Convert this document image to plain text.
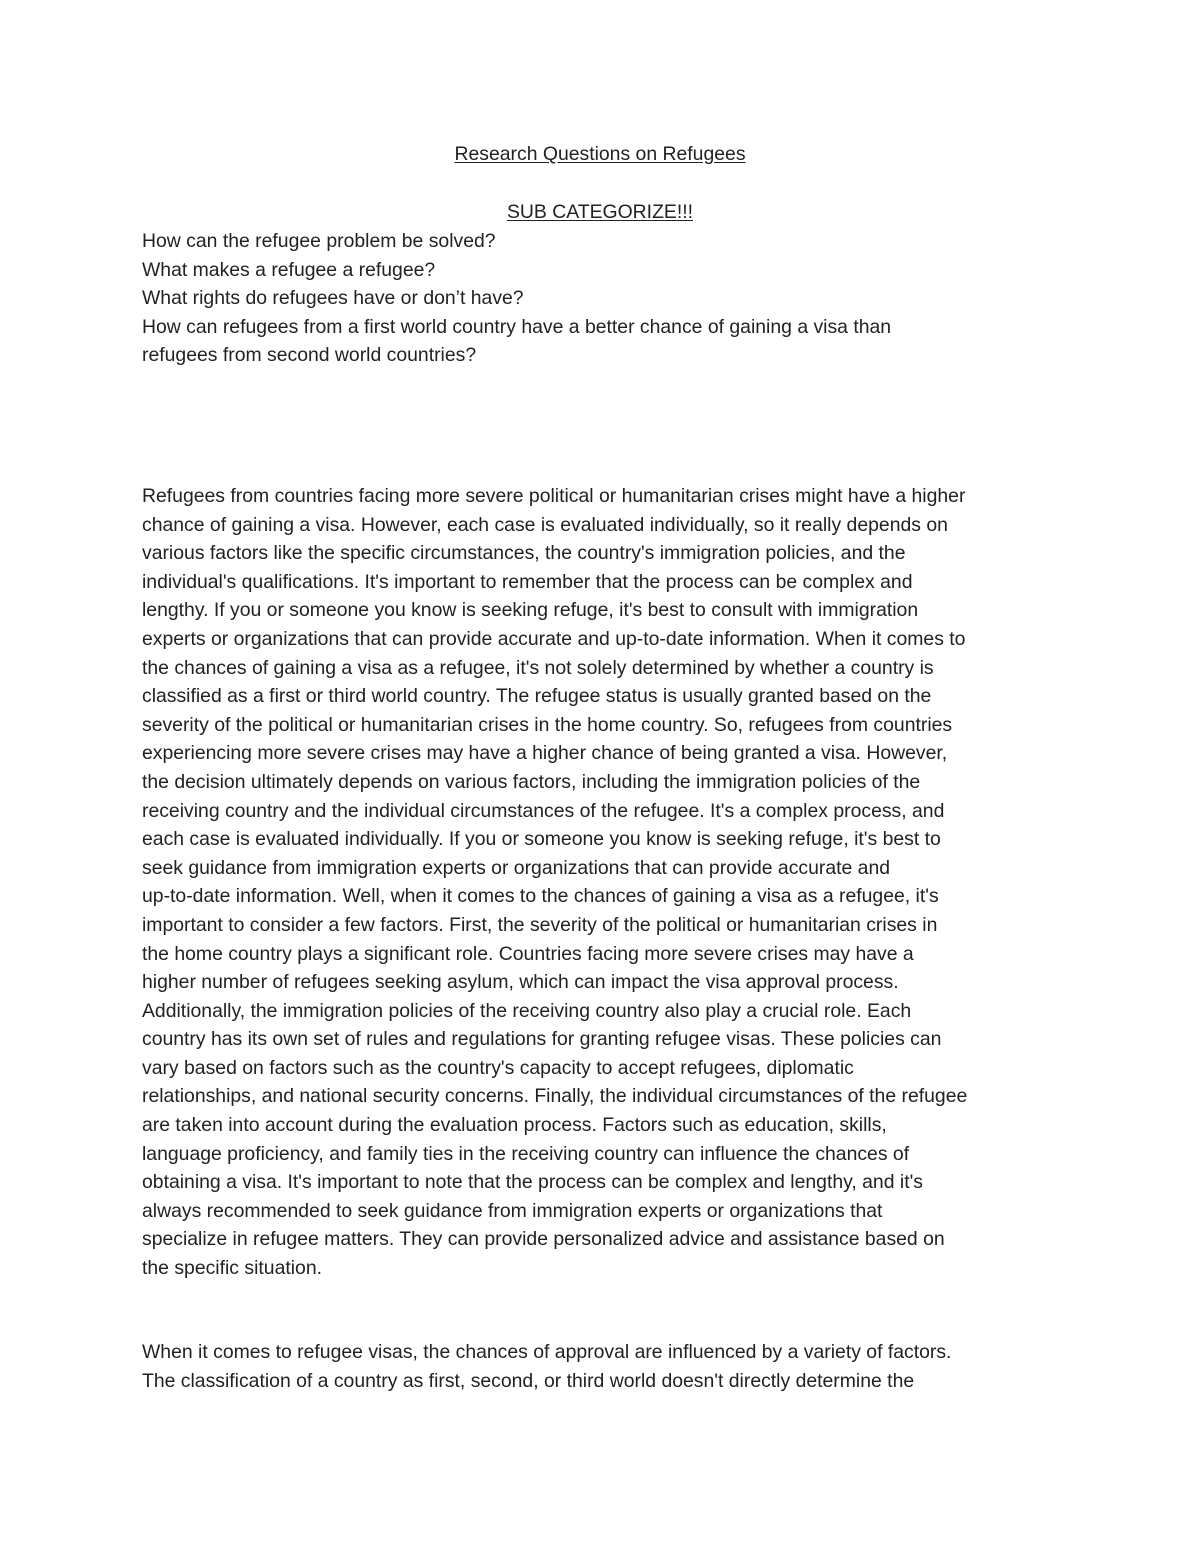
Research Questions on Refugees
SUB CATEGORIZE!!!
How can the refugee problem be solved?
What makes a refugee a refugee?
What rights do refugees have or don’t have?
How can refugees from a first world country have a better chance of gaining a visa than
refugees from second world countries?
Refugees from countries facing more severe political or humanitarian crises might have a higher
chance of gaining a visa. However, each case is evaluated individually, so it really depends on
various factors like the specific circumstances, the country's immigration policies, and the
individual's qualifications. It's important to remember that the process can be complex and
lengthy. If you or someone you know is seeking refuge, it's best to consult with immigration
experts or organizations that can provide accurate and up-to-date information. When it comes to
the chances of gaining a visa as a refugee, it's not solely determined by whether a country is
classified as a first or third world country. The refugee status is usually granted based on the
severity of the political or humanitarian crises in the home country. So, refugees from countries
experiencing more severe crises may have a higher chance of being granted a visa. However,
the decision ultimately depends on various factors, including the immigration policies of the
receiving country and the individual circumstances of the refugee. It's a complex process, and
each case is evaluated individually. If you or someone you know is seeking refuge, it's best to
seek guidance from immigration experts or organizations that can provide accurate and
up-to-date information. Well, when it comes to the chances of gaining a visa as a refugee, it's
important to consider a few factors. First, the severity of the political or humanitarian crises in
the home country plays a significant role. Countries facing more severe crises may have a
higher number of refugees seeking asylum, which can impact the visa approval process.
Additionally, the immigration policies of the receiving country also play a crucial role. Each
country has its own set of rules and regulations for granting refugee visas. These policies can
vary based on factors such as the country's capacity to accept refugees, diplomatic
relationships, and national security concerns. Finally, the individual circumstances of the refugee
are taken into account during the evaluation process. Factors such as education, skills,
language proficiency, and family ties in the receiving country can influence the chances of
obtaining a visa. It's important to note that the process can be complex and lengthy, and it's
always recommended to seek guidance from immigration experts or organizations that
specialize in refugee matters. They can provide personalized advice and assistance based on
the specific situation.
When it comes to refugee visas, the chances of approval are influenced by a variety of factors.
The classification of a country as first, second, or third world doesn't directly determine the
